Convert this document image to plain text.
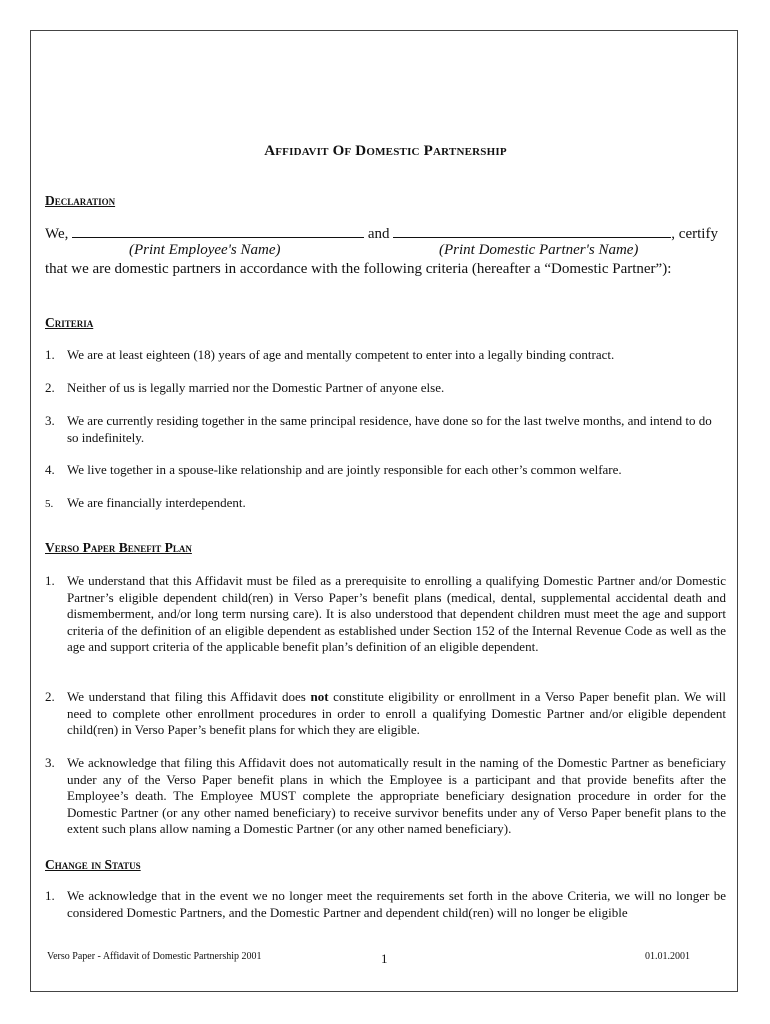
Affidavit Of Domestic Partnership
Declaration
We,	and	, certify
(Print Employee's Name)	(Print Domestic Partner's Name)
that we are domestic partners in accordance with the following criteria (hereafter a “Domestic Partner”):
Criteria
1. We are at least eighteen (18) years of age and mentally competent to enter into a legally binding contract.
2. Neither of us is legally married nor the Domestic Partner of anyone else.
3. We are currently residing together in the same principal residence, have done so for the last twelve months, and intend to do so indefinitely.
4. We live together in a spouse-like relationship and are jointly responsible for each other’s common welfare.
5. We are financially interdependent.
Verso Paper Benefit Plan
1. We understand that this Affidavit must be filed as a prerequisite to enrolling a qualifying Domestic Partner and/or Domestic Partner’s eligible dependent child(ren) in Verso Paper’s benefit plans (medical, dental, supplemental accidental death and dismemberment, and/or long term nursing care). It is also understood that dependent children must meet the age and support criteria of the definition of an eligible dependent as established under Section 152 of the Internal Revenue Code as well as the age and support criteria of the applicable benefit plan’s definition of an eligible dependent.
2. We understand that filing this Affidavit does not constitute eligibility or enrollment in a Verso Paper benefit plan. We will need to complete other enrollment procedures in order to enroll a qualifying Domestic Partner and/or eligible dependent child(ren) in Verso Paper’s benefit plans for which they are eligible.
3. We acknowledge that filing this Affidavit does not automatically result in the naming of the Domestic Partner as beneficiary under any of the Verso Paper benefit plans in which the Employee is a participant and that provide benefits after the Employee’s death. The Employee MUST complete the appropriate beneficiary designation procedure in order for the Domestic Partner (or any other named beneficiary) to receive survivor benefits under any of Verso Paper benefit plans to the extent such plans allow naming a Domestic Partner (or any other named beneficiary).
Change in Status
1. We acknowledge that in the event we no longer meet the requirements set forth in the above Criteria, we will no longer be considered Domestic Partners, and the Domestic Partner and dependent child(ren) will no longer be eligible
Verso Paper - Affidavit of Domestic Partnership 2001	1	01.01.2001
